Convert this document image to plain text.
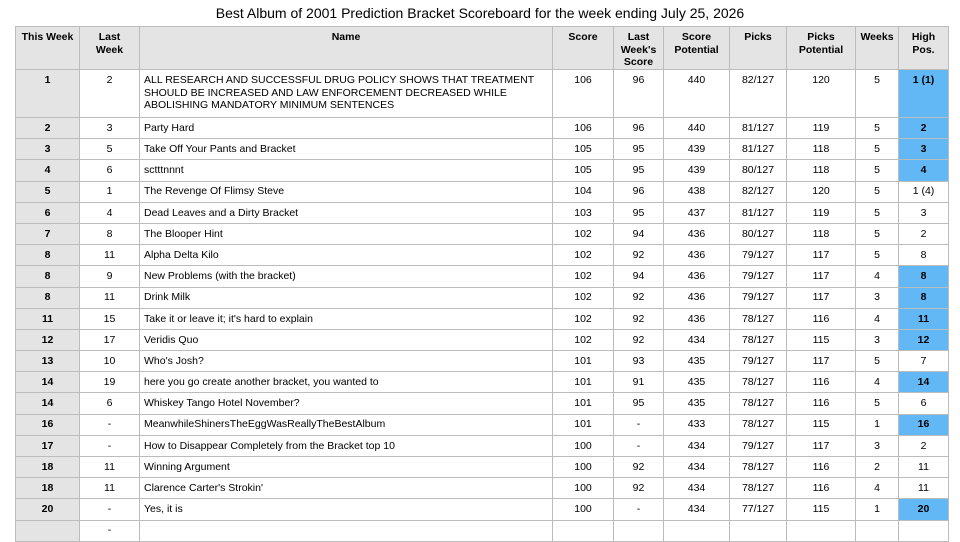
Best Album of 2001 Prediction Bracket Scoreboard for the week ending July 25, 2026
This Week	Last Week	Name	Score	Last Week's Score	Score Potential	Picks	Picks Potential	Weeks	High Pos.
1	2	ALL RESEARCH AND SUCCESSFUL DRUG POLICY SHOWS THAT TREATMENT SHOULD BE INCREASED AND LAW ENFORCEMENT DECREASED WHILE ABOLISHING MANDATORY MINIMUM SENTENCES	106	96	440	82/127	120	5	1 (1)
2	3	Party Hard	106	96	440	81/127	119	5	2
3	5	Take Off Your Pants and Bracket	105	95	439	81/127	118	5	3
4	6	sctttnnnt	105	95	439	80/127	118	5	4
5	1	The Revenge Of Flimsy Steve	104	96	438	82/127	120	5	1 (4)
6	4	Dead Leaves and a Dirty Bracket	103	95	437	81/127	119	5	3
7	8	The Blooper Hint	102	94	436	80/127	118	5	2
8	11	Alpha Delta Kilo	102	92	436	79/127	117	5	8
8	9	New Problems (with the bracket)	102	94	436	79/127	117	4	8
8	11	Drink Milk	102	92	436	79/127	117	3	8
11	15	Take it or leave it; it's hard to explain	102	92	436	78/127	116	4	11
12	17	Veridis Quo	102	92	434	78/127	115	3	12
13	10	Who's Josh?	101	93	435	79/127	117	5	7
14	19	here you go create another bracket, you wanted to	101	91	435	78/127	116	4	14
14	6	Whiskey Tango Hotel November?	101	95	435	78/127	116	5	6
16	-	MeanwhileShinersTheEggWasReallyTheBestAlbum	101	-	433	78/127	115	1	16
17	-	How to Disappear Completely from the Bracket top 10	100	-	434	79/127	117	3	2
18	11	Winning Argument	100	92	434	78/127	116	2	11
18	11	Clarence Carter's Strokin'	100	92	434	78/127	116	4	11
20	-	Yes, it is	100	-	434	77/127	115	1	20
	-								
